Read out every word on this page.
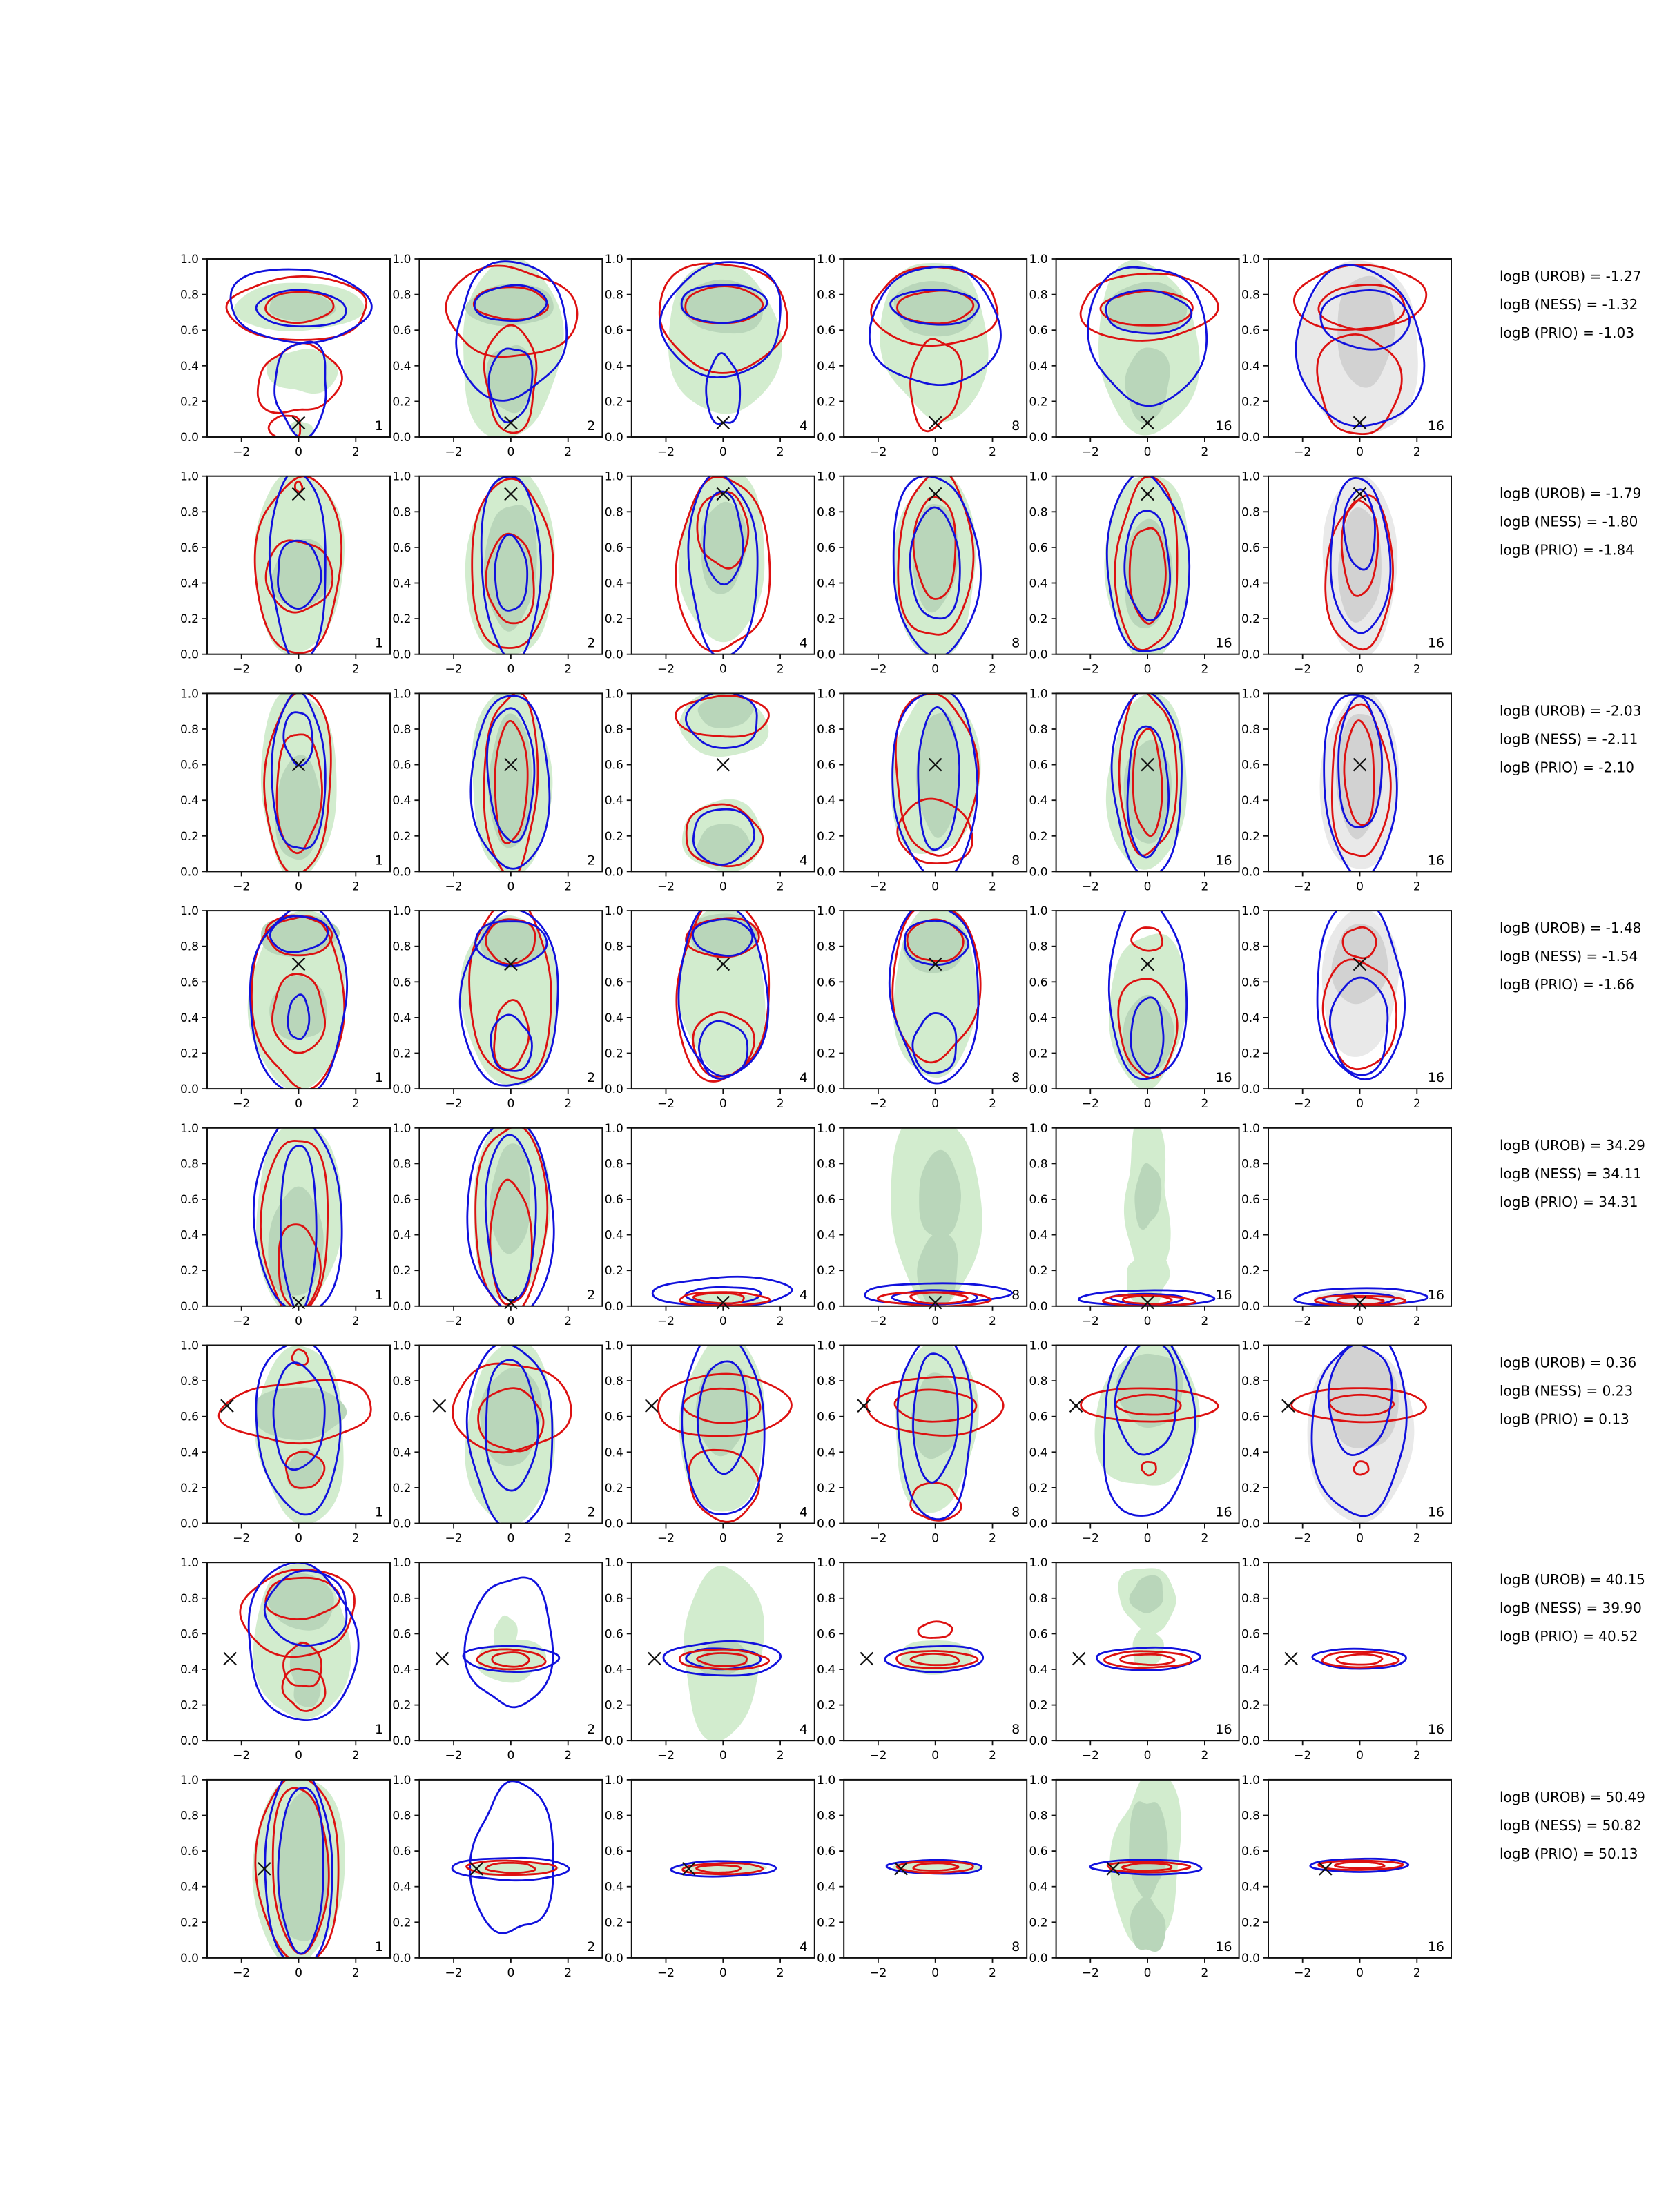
−2	0	2
0.0
0.2
0.4
0.6
0.8
1.0
1
−2	0	2
0.0
0.2
0.4
0.6
0.8
1.0
2
−2	0	2
0.0
0.2
0.4
0.6
0.8
1.0
4
−2	0	2
0.0
0.2
0.4
0.6
0.8
1.0
8
−2	0	2
0.0
0.2
0.4
0.6
0.8
1.0
16
−2	0	2
0.0
0.2
0.4
0.6
0.8
1.0
16
logB (UROB) = -1.27
logB (NESS) = -1.32
logB (PRIO) = -1.03
−2	0	2
0.0
0.2
0.4
0.6
0.8
1.0
1
−2	0	2
0.0
0.2
0.4
0.6
0.8
1.0
2
−2	0	2
0.0
0.2
0.4
0.6
0.8
1.0
4
−2	0	2
0.0
0.2
0.4
0.6
0.8
1.0
8
−2	0	2
0.0
0.2
0.4
0.6
0.8
1.0
16
−2	0	2
0.0
0.2
0.4
0.6
0.8
1.0
16
logB (UROB) = -1.79
logB (NESS) = -1.80
logB (PRIO) = -1.84
−2	0	2
0.0
0.2
0.4
0.6
0.8
1.0
1
−2	0	2
0.0
0.2
0.4
0.6
0.8
1.0
2
−2	0	2
0.0
0.2
0.4
0.6
0.8
1.0
4
−2	0	2
0.0
0.2
0.4
0.6
0.8
1.0
8
−2	0	2
0.0
0.2
0.4
0.6
0.8
1.0
16
−2	0	2
0.0
0.2
0.4
0.6
0.8
1.0
16
logB (UROB) = -2.03
logB (NESS) = -2.11
logB (PRIO) = -2.10
−2	0	2
0.0
0.2
0.4
0.6
0.8
1.0
1
−2	0	2
0.0
0.2
0.4
0.6
0.8
1.0
2
−2	0	2
0.0
0.2
0.4
0.6
0.8
1.0
4
−2	0	2
0.0
0.2
0.4
0.6
0.8
1.0
8
−2	0	2
0.0
0.2
0.4
0.6
0.8
1.0
16
−2	0	2
0.0
0.2
0.4
0.6
0.8
1.0
16
logB (UROB) = -1.48
logB (NESS) = -1.54
logB (PRIO) = -1.66
−2	0	2
0.0
0.2
0.4
0.6
0.8
1.0
1
−2	0	2
0.0
0.2
0.4
0.6
0.8
1.0
2
−2	0	2
0.0
0.2
0.4
0.6
0.8
1.0
4
−2	0	2
0.0
0.2
0.4
0.6
0.8
1.0
8
−2	0	2
0.0
0.2
0.4
0.6
0.8
1.0
16
−2	0	2
0.0
0.2
0.4
0.6
0.8
1.0
16
logB (UROB) = 34.29
logB (NESS) = 34.11
logB (PRIO) = 34.31
−2	0	2
0.0
0.2
0.4
0.6
0.8
1.0
1
−2	0	2
0.0
0.2
0.4
0.6
0.8
1.0
2
−2	0	2
0.0
0.2
0.4
0.6
0.8
1.0
4
−2	0	2
0.0
0.2
0.4
0.6
0.8
1.0
8
−2	0	2
0.0
0.2
0.4
0.6
0.8
1.0
16
−2	0	2
0.0
0.2
0.4
0.6
0.8
1.0
16
logB (UROB) = 0.36
logB (NESS) = 0.23
logB (PRIO) = 0.13
−2	0	2
0.0
0.2
0.4
0.6
0.8
1.0
1
−2	0	2
0.0
0.2
0.4
0.6
0.8
1.0
2
−2	0	2
0.0
0.2
0.4
0.6
0.8
1.0
4
−2	0	2
0.0
0.2
0.4
0.6
0.8
1.0
8
−2	0	2
0.0
0.2
0.4
0.6
0.8
1.0
16
−2	0	2
0.0
0.2
0.4
0.6
0.8
1.0
16
logB (UROB) = 40.15
logB (NESS) = 39.90
logB (PRIO) = 40.52
−2	0	2
0.0
0.2
0.4
0.6
0.8
1.0
1
−2	0	2
0.0
0.2
0.4
0.6
0.8
1.0
2
−2	0	2
0.0
0.2
0.4
0.6
0.8
1.0
4
−2	0	2
0.0
0.2
0.4
0.6
0.8
1.0
8
−2	0	2
0.0
0.2
0.4
0.6
0.8
1.0
16
−2	0	2
0.0
0.2
0.4
0.6
0.8
1.0
16
logB (UROB) = 50.49
logB (NESS) = 50.82
logB (PRIO) = 50.13
